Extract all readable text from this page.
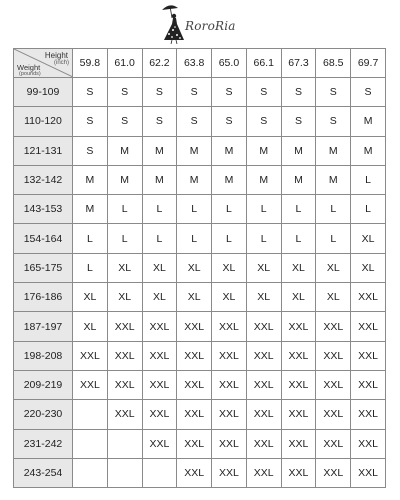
RoroRia
Height
(inch)
Weight
(pounds)	59.8	61.0	62.2	63.8	65.0	66.1	67.3	68.5	69.7
99-109	S	S	S	S	S	S	S	S	S
110-120	S	S	S	S	S	S	S	S	M
121-131	S	M	M	M	M	M	M	M	M
132-142	M	M	M	M	M	M	M	M	L
143-153	M	L	L	L	L	L	L	L	L
154-164	L	L	L	L	L	L	L	L	XL
165-175	L	XL	XL	XL	XL	XL	XL	XL	XL
176-186	XL	XL	XL	XL	XL	XL	XL	XL	XXL
187-197	XL	XXL	XXL	XXL	XXL	XXL	XXL	XXL	XXL
198-208	XXL	XXL	XXL	XXL	XXL	XXL	XXL	XXL	XXL
209-219	XXL	XXL	XXL	XXL	XXL	XXL	XXL	XXL	XXL
220-230		XXL	XXL	XXL	XXL	XXL	XXL	XXL	XXL
231-242			XXL	XXL	XXL	XXL	XXL	XXL	XXL
243-254				XXL	XXL	XXL	XXL	XXL	XXL
